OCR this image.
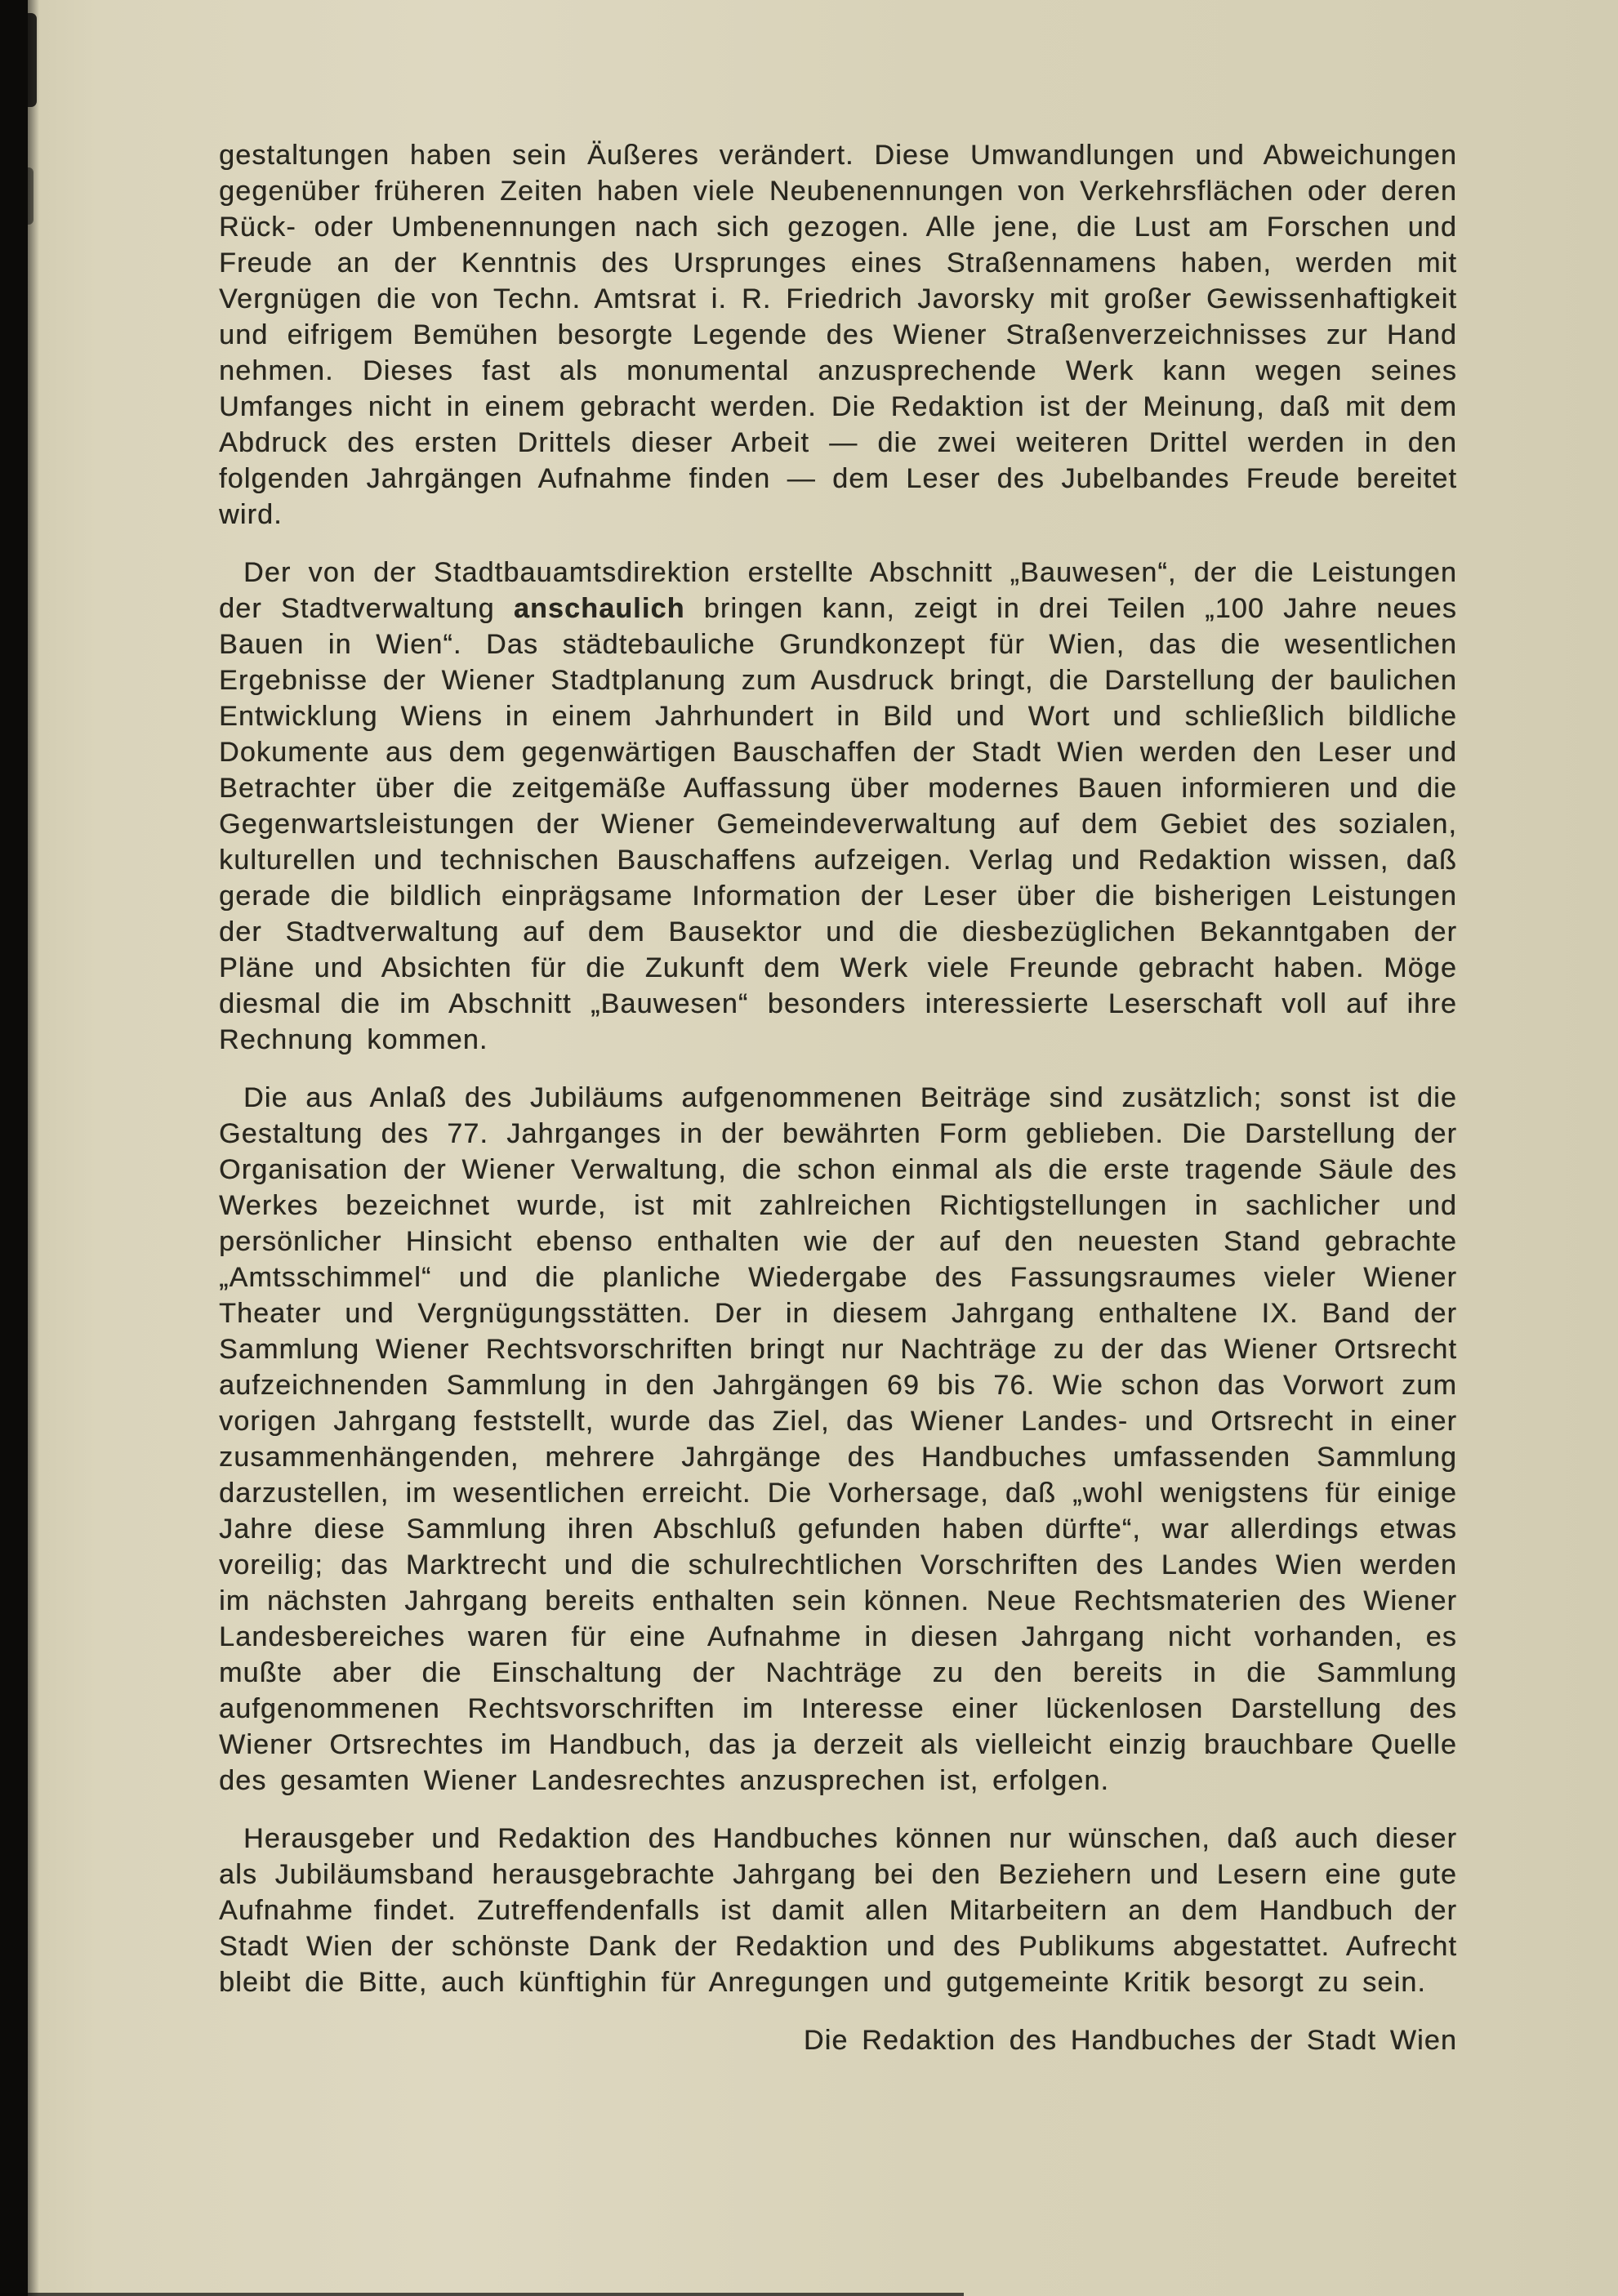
gestaltungen haben sein Äußeres verändert. Diese Umwandlungen und Abweichungen gegenüber früheren Zeiten haben viele Neubenennungen von Verkehrsflächen oder deren Rück- oder Umbenennungen nach sich gezogen. Alle jene, die Lust am Forschen und Freude an der Kenntnis des Ursprunges eines Straßennamens haben, werden mit Vergnügen die von Techn. Amtsrat i. R. Friedrich Javorsky mit großer Gewissenhaftigkeit und eifrigem Bemühen besorgte Legende des Wiener Straßenverzeichnisses zur Hand nehmen. Dieses fast als monumental anzusprechende Werk kann wegen seines Umfanges nicht in einem gebracht werden. Die Redaktion ist der Meinung, daß mit dem Abdruck des ersten Drittels dieser Arbeit — die zwei weiteren Drittel werden in den folgenden Jahrgängen Aufnahme finden — dem Leser des Jubelbandes Freude bereitet wird.

Der von der Stadtbauamtsdirektion erstellte Abschnitt „Bauwesen“, der die Leistungen der Stadtverwaltung anschaulich bringen kann, zeigt in drei Teilen „100 Jahre neues Bauen in Wien“. Das städtebauliche Grundkonzept für Wien, das die wesentlichen Ergebnisse der Wiener Stadtplanung zum Ausdruck bringt, die Darstellung der baulichen Entwicklung Wiens in einem Jahrhundert in Bild und Wort und schließlich bildliche Dokumente aus dem gegenwärtigen Bauschaffen der Stadt Wien werden den Leser und Betrachter über die zeitgemäße Auffassung über modernes Bauen informieren und die Gegenwartsleistungen der Wiener Gemeindeverwaltung auf dem Gebiet des sozialen, kulturellen und technischen Bauschaffens aufzeigen. Verlag und Redaktion wissen, daß gerade die bildlich einprägsame Information der Leser über die bisherigen Leistungen der Stadtverwaltung auf dem Bausektor und die diesbezüglichen Bekanntgaben der Pläne und Absichten für die Zukunft dem Werk viele Freunde gebracht haben. Möge diesmal die im Abschnitt „Bauwesen“ besonders interessierte Leserschaft voll auf ihre Rechnung kommen.

Die aus Anlaß des Jubiläums aufgenommenen Beiträge sind zusätzlich; sonst ist die Gestaltung des 77. Jahrganges in der bewährten Form geblieben. Die Darstellung der Organisation der Wiener Verwaltung, die schon einmal als die erste tragende Säule des Werkes bezeichnet wurde, ist mit zahlreichen Richtigstellungen in sachlicher und persönlicher Hinsicht ebenso enthalten wie der auf den neuesten Stand gebrachte „Amtsschimmel“ und die planliche Wiedergabe des Fassungsraumes vieler Wiener Theater und Vergnügungsstätten. Der in diesem Jahrgang enthaltene IX. Band der Sammlung Wiener Rechtsvorschriften bringt nur Nachträge zu der das Wiener Ortsrecht aufzeichnenden Sammlung in den Jahrgängen 69 bis 76. Wie schon das Vorwort zum vorigen Jahrgang feststellt, wurde das Ziel, das Wiener Landes- und Ortsrecht in einer zusammenhängenden, mehrere Jahrgänge des Handbuches umfassenden Sammlung darzustellen, im wesentlichen erreicht. Die Vorhersage, daß „wohl wenigstens für einige Jahre diese Sammlung ihren Abschluß gefunden haben dürfte“, war allerdings etwas voreilig; das Marktrecht und die schulrechtlichen Vorschriften des Landes Wien werden im nächsten Jahrgang bereits enthalten sein können. Neue Rechtsmaterien des Wiener Landesbereiches waren für eine Aufnahme in diesen Jahrgang nicht vorhanden, es mußte aber die Einschaltung der Nachträge zu den bereits in die Sammlung aufgenommenen Rechtsvorschriften im Interesse einer lückenlosen Darstellung des Wiener Ortsrechtes im Handbuch, das ja derzeit als vielleicht einzig brauchbare Quelle des gesamten Wiener Landesrechtes anzusprechen ist, erfolgen.

Herausgeber und Redaktion des Handbuches können nur wünschen, daß auch dieser als Jubiläumsband herausgebrachte Jahrgang bei den Beziehern und Lesern eine gute Aufnahme findet. Zutreffendenfalls ist damit allen Mitarbeitern an dem Handbuch der Stadt Wien der schönste Dank der Redaktion und des Publikums abgestattet. Aufrecht bleibt die Bitte, auch künftighin für Anregungen und gutgemeinte Kritik besorgt zu sein.

Die Redaktion des Handbuches der Stadt Wien
